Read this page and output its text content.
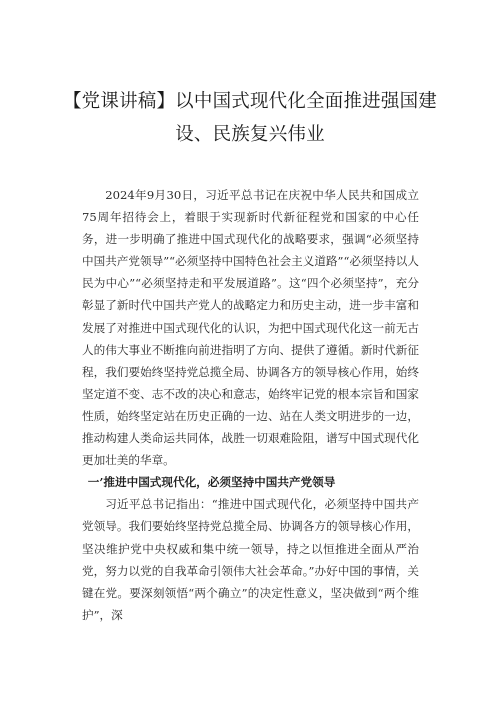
【党课讲稿】以中国式现代化全面推进强国建设、民族复兴伟业

2024年9月30日，习近平总书记在庆祝中华人民共和国成立75周年招待会上，着眼于实现新时代新征程党和国家的中心任务，进一步明确了推进中国式现代化的战略要求，强调“必须坚持中国共产党领导”“必须坚持中国特色社会主义道路”“必须坚持以人民为中心”“必须坚持走和平发展道路”。这“四个必须坚持”，充分彰显了新时代中国共产党人的战略定力和历史主动，进一步丰富和发展了对推进中国式现代化的认识，为把中国式现代化这一前无古人的伟大事业不断推向前进指明了方向、提供了遵循。新时代新征程，我们要始终坚持党总揽全局、协调各方的领导核心作用，始终坚定道不变、志不改的决心和意志，始终牢记党的根本宗旨和国家性质，始终坚定站在历史正确的一边、站在人类文明进步的一边，推动构建人类命运共同体，战胜一切艰难险阻，谱写中国式现代化更加壮美的华章。

一’推进中国式现代化，必须坚持中国共产党领导

习近平总书记指出：“推进中国式现代化，必须坚持中国共产党领导。我们要始终坚持党总揽全局、协调各方的领导核心作用，坚决维护党中央权威和集中统一领导，持之以恒推进全面从严治党，努力以党的自我革命引领伟大社会革命。”办好中国的事情，关键在党。要深刻领悟“两个确立”的决定性意义，坚决做到“两个维护”，深
